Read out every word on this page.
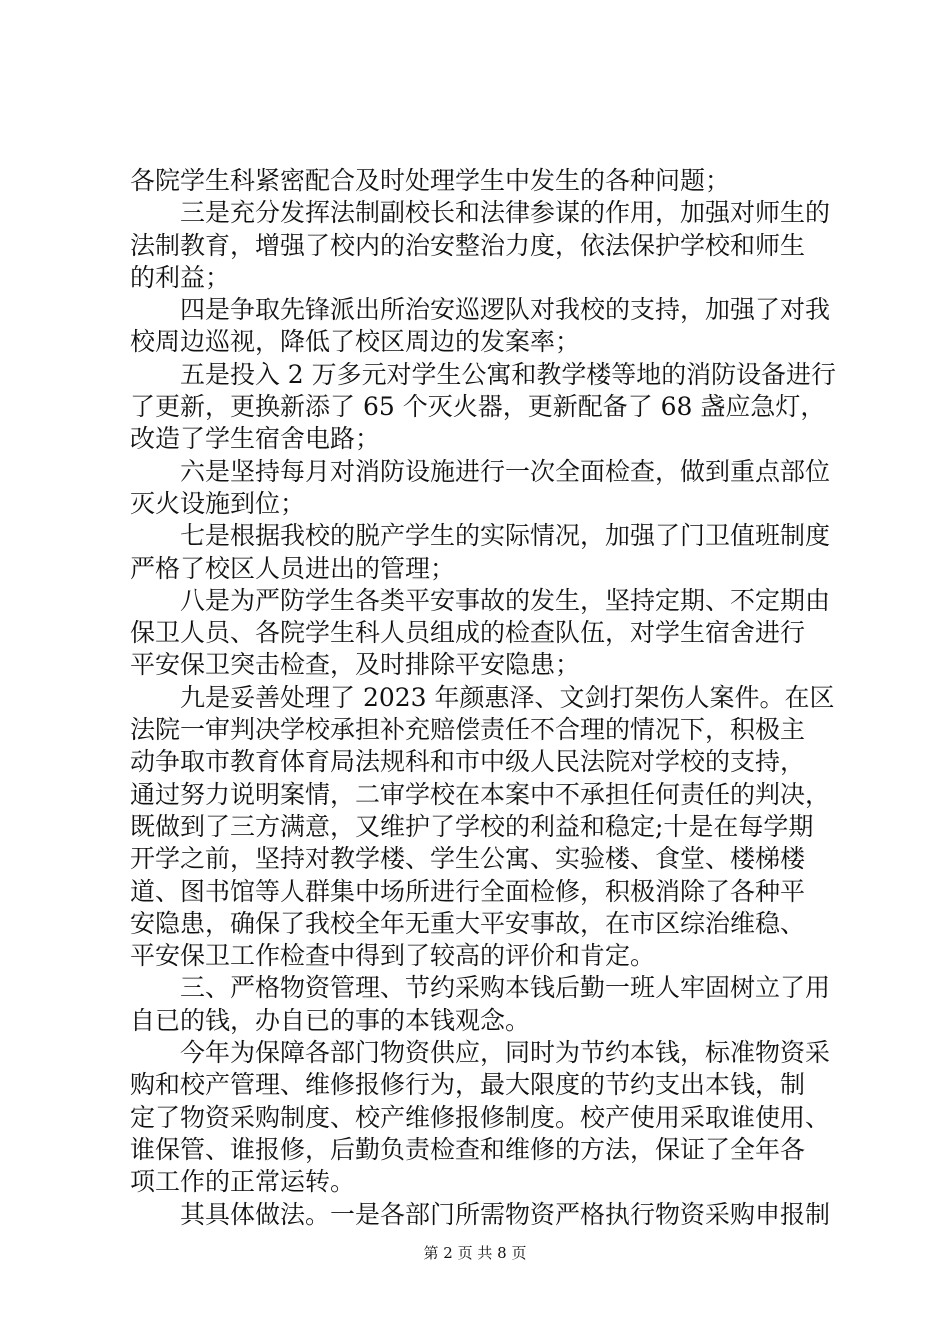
各院学生科紧密配合及时处理学生中发生的各种问题；
三是充分发挥法制副校长和法律参谋的作用，加强对师生的
法制教育，增强了校内的治安整治力度，依法保护学校和师生
的利益；
四是争取先锋派出所治安巡逻队对我校的支持，加强了对我
校周边巡视，降低了校区周边的发案率；
五是投入 2 万多元对学生公寓和教学楼等地的消防设备进行
了更新，更换新添了 65 个灭火器，更新配备了 68 盏应急灯，
改造了学生宿舍电路；
六是坚持每月对消防设施进行一次全面检查，做到重点部位
灭火设施到位；
七是根据我校的脱产学生的实际情况，加强了门卫值班制度
严格了校区人员进出的管理；
八是为严防学生各类平安事故的发生，坚持定期、不定期由
保卫人员、各院学生科人员组成的检查队伍，对学生宿舍进行
平安保卫突击检查，及时排除平安隐患；
九是妥善处理了 2023 年颜惠泽、文剑打架伤人案件。在区
法院一审判决学校承担补充赔偿责任不合理的情况下，积极主
动争取市教育体育局法规科和市中级人民法院对学校的支持，
通过努力说明案情，二审学校在本案中不承担任何责任的判决，
既做到了三方满意，又维护了学校的利益和稳定;十是在每学期
开学之前，坚持对教学楼、学生公寓、实验楼、食堂、楼梯楼
道、图书馆等人群集中场所进行全面检修，积极消除了各种平
安隐患，确保了我校全年无重大平安事故，在市区综治维稳、
平安保卫工作检查中得到了较高的评价和肯定。
三、严格物资管理、节约采购本钱后勤一班人牢固树立了用
自已的钱，办自已的事的本钱观念。
今年为保障各部门物资供应，同时为节约本钱，标准物资采
购和校产管理、维修报修行为，最大限度的节约支出本钱，制
定了物资采购制度、校产维修报修制度。校产使用采取谁使用、
谁保管、谁报修，后勤负责检查和维修的方法，保证了全年各
项工作的正常运转。
其具体做法。一是各部门所需物资严格执行物资采购申报制
第 2 页 共 8 页
